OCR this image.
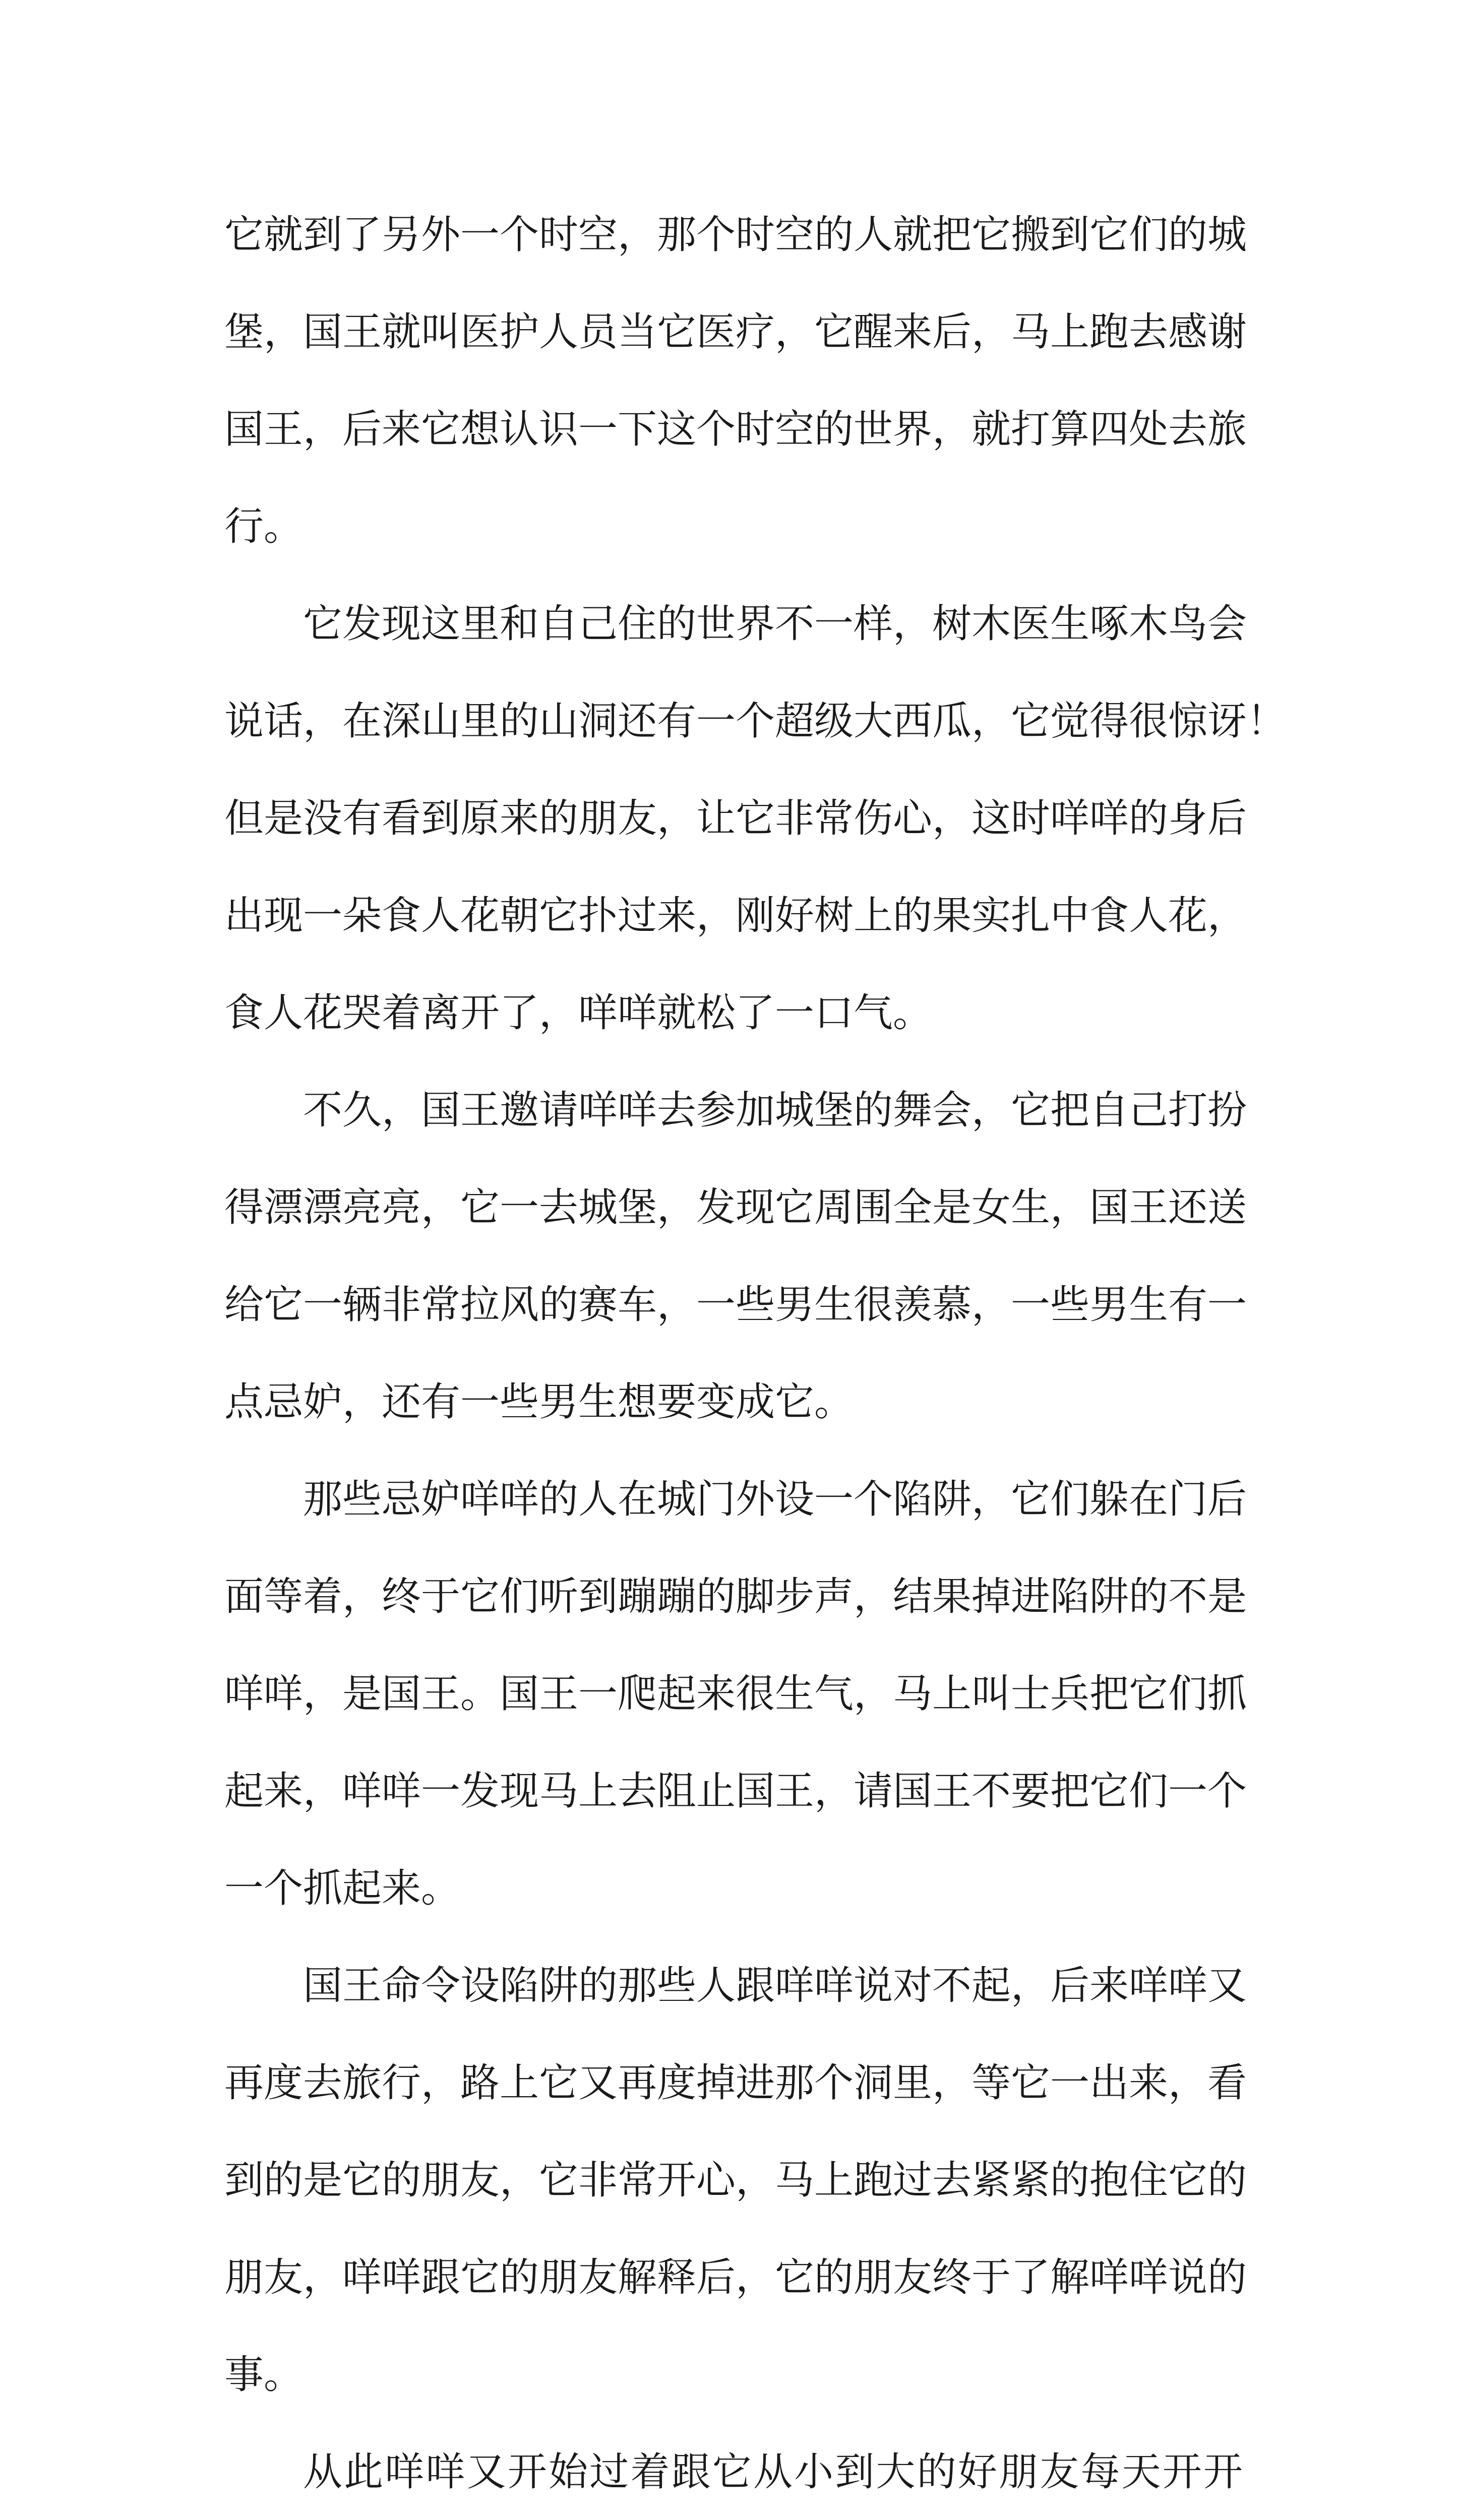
它就到了另外一个时空，那个时空的人就把它搬到它们的城
堡，国王就叫医护人员当它医疗，它醒来后，马上跑去感谢
国王，后来它想认识一下这个时空的世界，就打算四处去旅
行。
它发现这里和自己住的世界不一样，树木医生啄木鸟会
说话，在深山里的山洞还有一个超级大西瓜，它觉得很惊讶！
但是没有看到原来的朋友，让它非常伤心，这时咩咩的身后
出现一朵食人花朝它扑过来，刚好树上的果实扎中食人花，
食人花哭着离开了，咩咩就松了一口气。
不久，国王邀请咩咩去参加城堡的舞会，它把自己打扮
得漂漂亮亮，它一去城堡，发现它周围全是女生，国王还送
给它一辆非常拉风的赛车，一些男生很羡慕，一些男生有一
点忌妒，还有一些男生想要变成它。
那些忌妒咩咩的人在城门外设一个陷阱，它们躲在门后
面等着，终于它们听到蹦蹦的脚步声，结果掉进陷阱的不是
咩咩，是国王。国王一爬起来很生气，马上叫士兵把它们抓
起来，咩咩一发现马上去阻止国王，请国王不要把它们一个
一个抓起来。
国王命令设陷阱的那些人跟咩咩说对不起，后来咩咩又
再度去旅行，路上它又再度掉进那个洞里，等它一出来，看
到的是它的朋友，它非常开心，马上跑过去紧紧的抱住它的
朋友，咩咩跟它的朋友解释后，它的朋友终于了解咩咩说的
事。
从此咩咩又开始过着跟它从小到大的好朋友每天开开
